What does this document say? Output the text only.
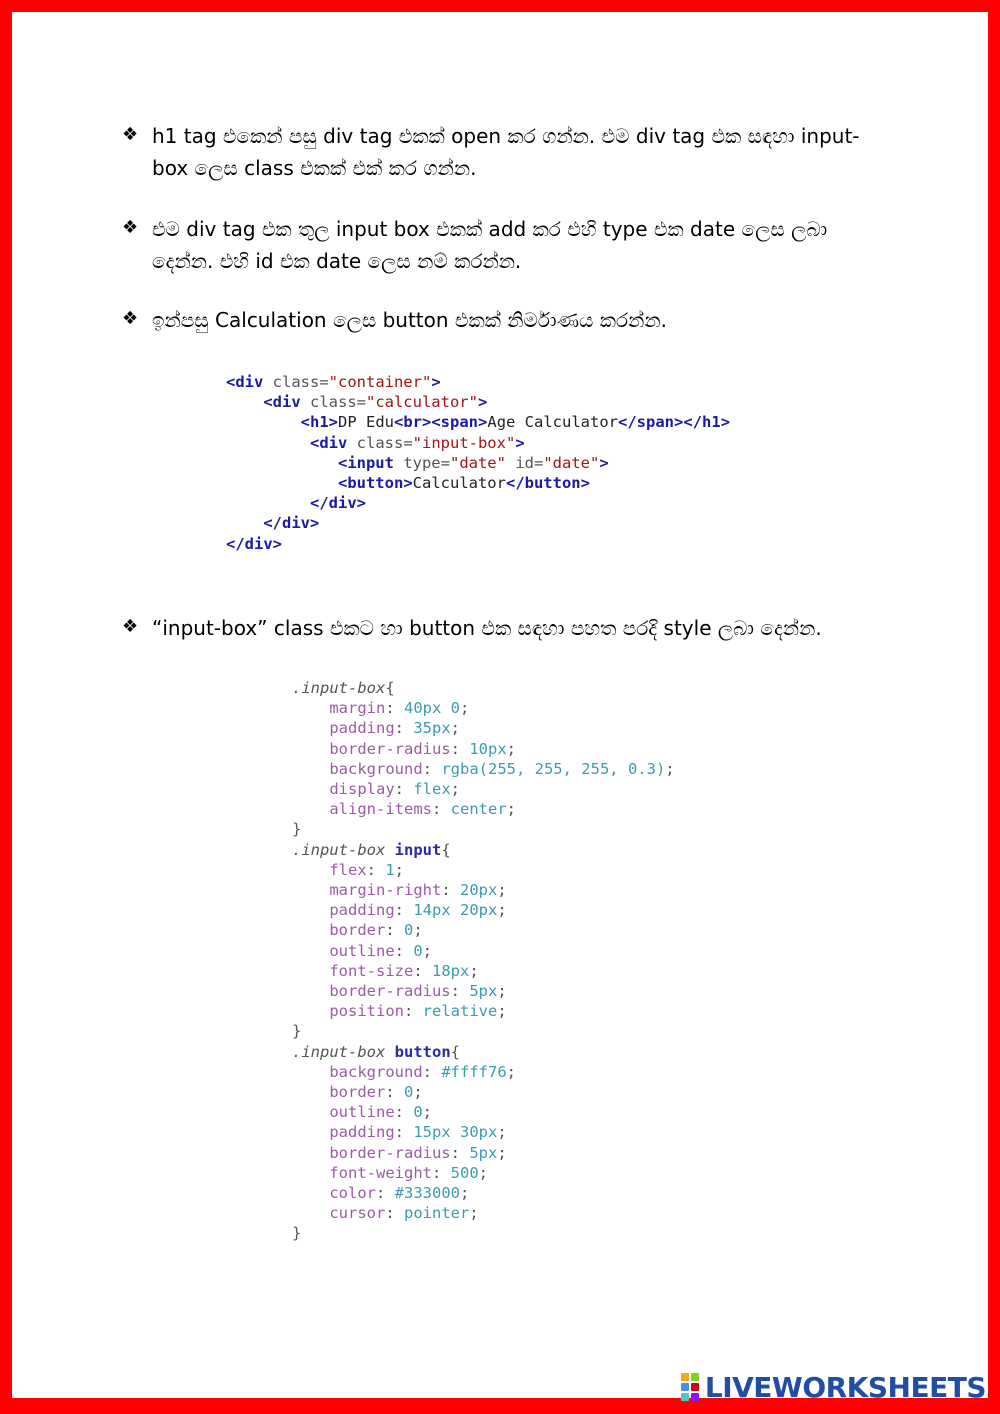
❖ h1 tag එකෙන් පසු div tag එකක් open කර ගන්න. එම div tag එක සඳහා input-box ලෙස class එකක් එක් කර ගන්න.
❖ එම div tag එක තුල input box එකක් add කර එහි type එක date ලෙස ලබා දෙන්න. එහි id එක date ලෙස නම් කරන්න.
❖ ඉන්පසු Calculation ලෙස button එකක් නිර්මාණය කරන්න.
<div class="container">
<div class="calculator">
<h1>DP Edu<br><span>Age Calculator</span></h1>
<div class="input-box">
<input type="date" id="date">
<button>Calculator</button>
</div>
</div>
</div>
❖ “input-box” class එකට හා button එක සඳහා පහත පරදි style ලබා දෙන්න.
.input-box{
margin: 40px 0;
padding: 35px;
border-radius: 10px;
background: rgba(255, 255, 255, 0.3);
display: flex;
align-items: center;
}
.input-box input{
flex: 1;
margin-right: 20px;
padding: 14px 20px;
border: 0;
outline: 0;
font-size: 18px;
border-radius: 5px;
position: relative;
}
.input-box button{
background: #ffff76;
border: 0;
outline: 0;
padding: 15px 30px;
border-radius: 5px;
font-weight: 500;
color: #333000;
cursor: pointer;
}
LIVEWORKSHEETS
